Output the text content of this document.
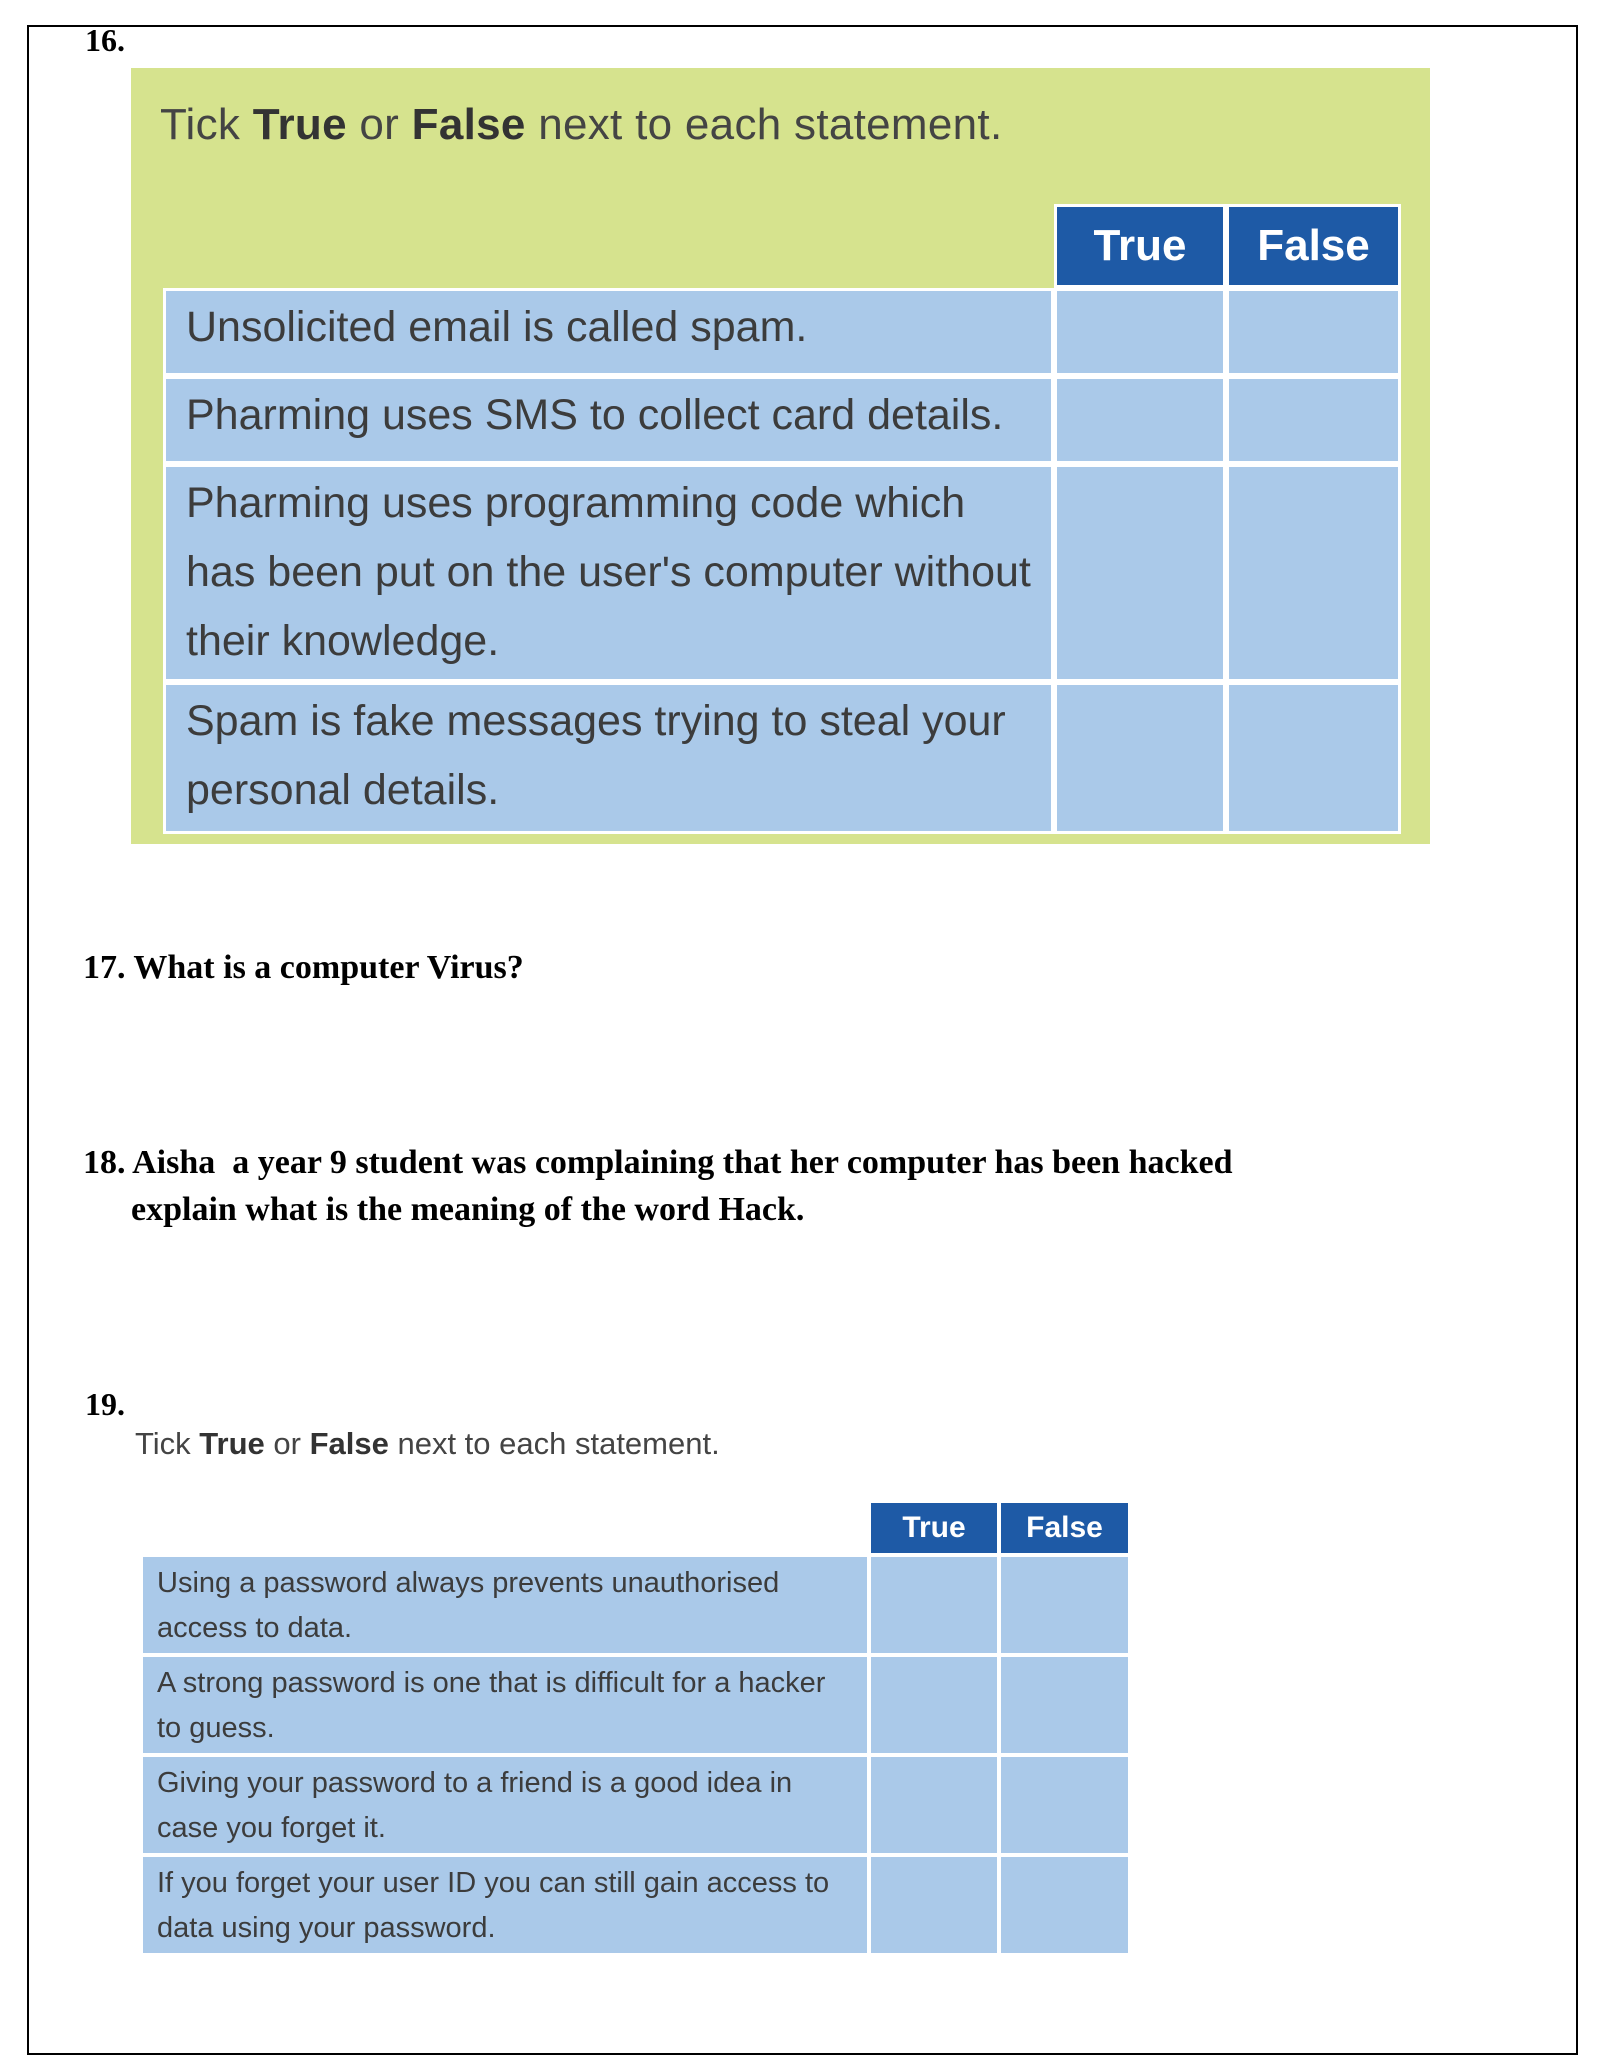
16.
Tick True or False next to each statement.
True	False
Unsolicited email is called spam.
Pharming uses SMS to collect card details.
Pharming uses programming code which has been put on the user's computer without their knowledge.
Spam is fake messages trying to steal your personal details.
17. What is a computer Virus?
18. Aisha  a year 9 student was complaining that her computer has been hacked
explain what is the meaning of the word Hack.
19.
Tick True or False next to each statement.
True	False
Using a password always prevents unauthorised access to data.
A strong password is one that is difficult for a hacker to guess.
Giving your password to a friend is a good idea in case you forget it.
If you forget your user ID you can still gain access to data using your password.
